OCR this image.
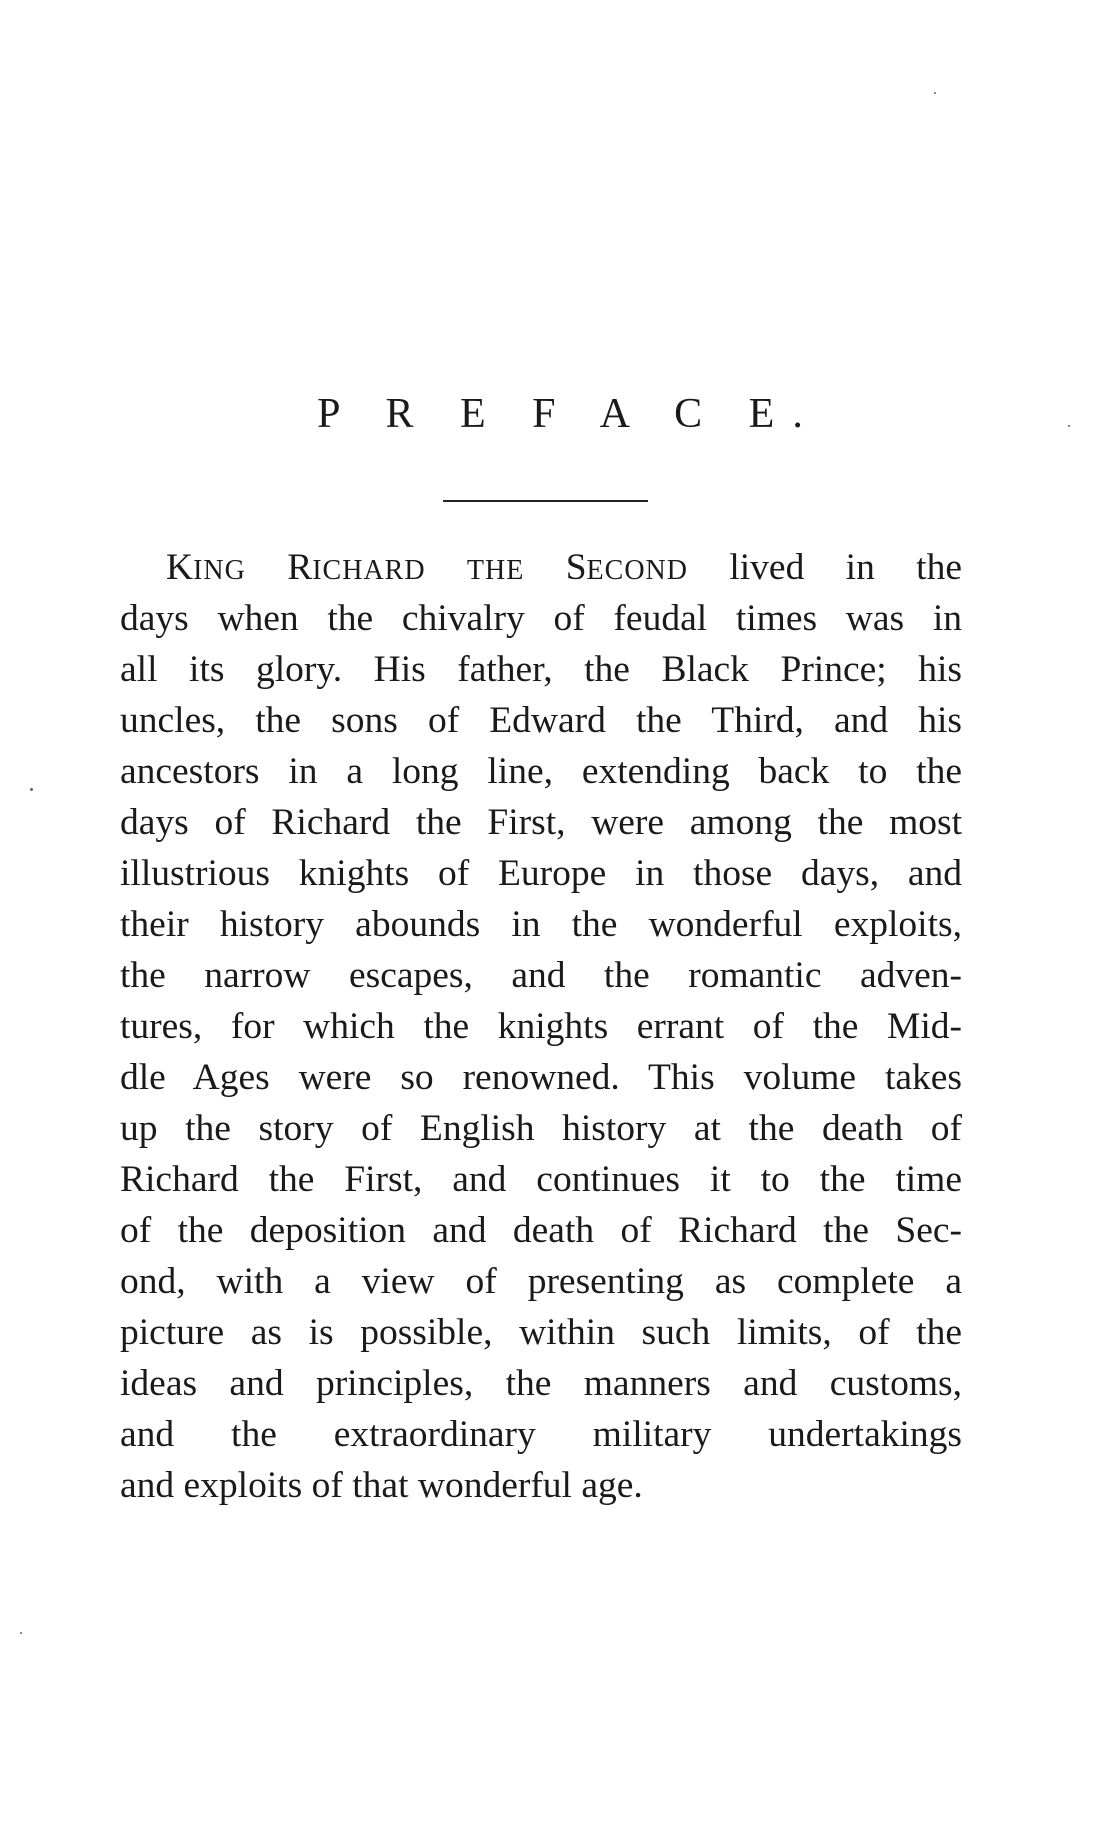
P R E F A C E.
KING RICHARD THE SECOND lived in the
days when the chivalry of feudal times was in
all its glory. His father, the Black Prince; his
uncles, the sons of Edward the Third, and his
ancestors in a long line, extending back to the
days of Richard the First, were among the most
illustrious knights of Europe in those days, and
their history abounds in the wonderful exploits,
the narrow escapes, and the romantic adven-
tures, for which the knights errant of the Mid-
dle Ages were so renowned. This volume takes
up the story of English history at the death of
Richard the First, and continues it to the time
of the deposition and death of Richard the Sec-
ond, with a view of presenting as complete a
picture as is possible, within such limits, of the
ideas and principles, the manners and customs,
and the extraordinary military undertakings
and exploits of that wonderful age.
